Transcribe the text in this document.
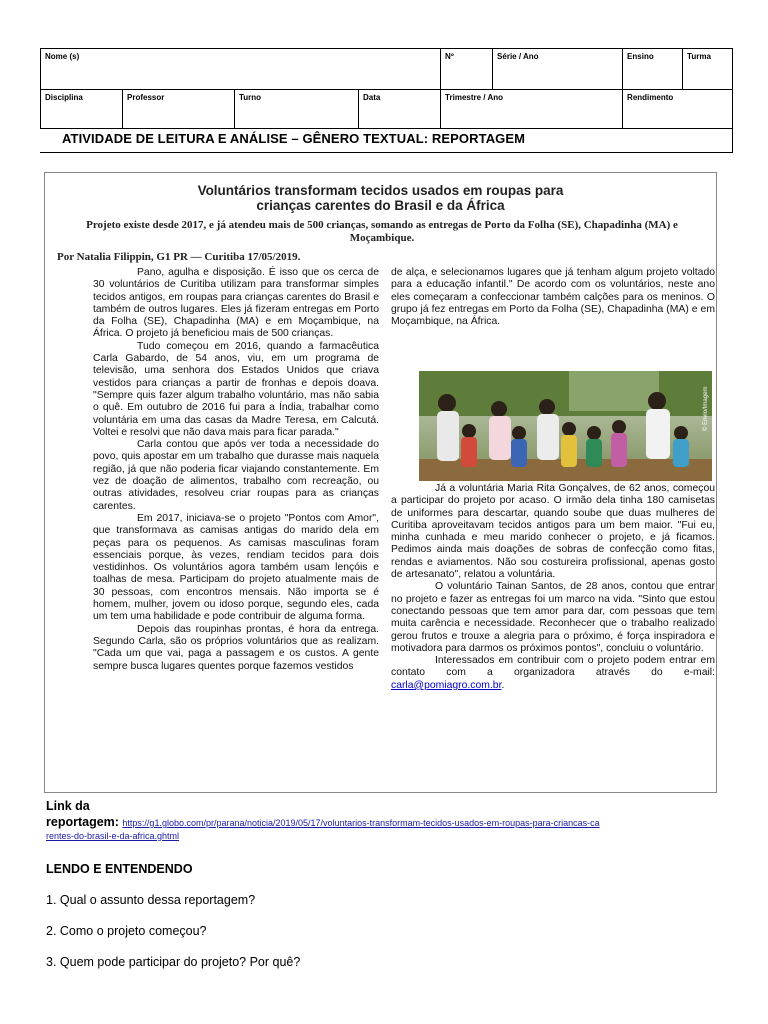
Nome (s)				Nº	Série / Ano	Ensino	Turma
Disciplina	Professor	Turno	Data	Trimestre / Ano		Rendimento	
ATIVIDADE DE LEITURA E ANÁLISE – GÊNERO TEXTUAL: REPORTAGEM
Voluntários transformam tecidos usados em roupas para
crianças carentes do Brasil e da África
Projeto existe desde 2017, e já atendeu mais de 500 crianças, somando as entregas de Porto da Folha (SE), Chapadinha (MA) e Moçambique.
Por Natalia Filippin, G1 PR — Curitiba 17/05/2019.

Pano, agulha e disposição. É isso que os cerca de 30 voluntários de Curitiba utilizam para transformar simples tecidos antigos, em roupas para crianças carentes do Brasil e também de outros lugares. Eles já fizeram entregas em Porto da Folha (SE), Chapadinha (MA) e em Moçambique, na África. O projeto já beneficiou mais de 500 crianças.

Tudo começou em 2016, quando a farmacêutica Carla Gabardo, de 54 anos, viu, em um programa de televisão, uma senhora dos Estados Unidos que criava vestidos para crianças a partir de fronhas e depois doava. "Sempre quis fazer algum trabalho voluntário, mas não sabia o quê. Em outubro de 2016 fui para a Índia, trabalhar como voluntária em uma das casas da Madre Teresa, em Calcutá. Voltei e resolvi que não dava mais para ficar parada."

Carla contou que após ver toda a necessidade do povo, quis apostar em um trabalho que durasse mais naquela região, já que não poderia ficar viajando constantemente. Em vez de doação de alimentos, trabalho com recreação, ou outras atividades, resolveu criar roupas para as crianças carentes.

Em 2017, iniciava-se o projeto "Pontos com Amor", que transformava as camisas antigas do marido dela em peças para os pequenos. As camisas masculinas foram essenciais porque, às vezes, rendiam tecidos para dois vestidinhos. Os voluntários agora também usam lençóis e toalhas de mesa. Participam do projeto atualmente mais de 30 pessoas, com encontros mensais. Não importa se é homem, mulher, jovem ou idoso porque, segundo eles, cada um tem uma habilidade e pode contribuir de alguma forma.

Depois das roupinhas prontas, é hora da entrega. Segundo Carla, são os próprios voluntários que as realizam. "Cada um que vai, paga a passagem e os custos. A gente sempre busca lugares quentes porque fazemos vestidos

de alça, e selecionamos lugares que já tenham algum projeto voltado para a educação infantil." De acordo com os voluntários, neste ano eles começaram a confeccionar também calções para os meninos. O grupo já fez entregas em Porto da Folha (SE), Chapadinha (MA) e em Moçambique, na África.

© Envio/Imagem

Já a voluntária Maria Rita Gonçalves, de 62 anos, começou a participar do projeto por acaso. O irmão dela tinha 180 camisetas de uniformes para descartar, quando soube que duas mulheres de Curitiba aproveitavam tecidos antigos para um bem maior. "Fui eu, minha cunhada e meu marido conhecer o projeto, e já ficamos. Pedimos ainda mais doações de sobras de confecção como fitas, rendas e aviamentos. Não sou costureira profissional, apenas gosto de artesanato", relatou a voluntária.

O voluntário Tainan Santos, de 28 anos, contou que entrar no projeto e fazer as entregas foi um marco na vida. "Sinto que estou conectando pessoas que tem amor para dar, com pessoas que tem muita carência e necessidade. Reconhecer que o trabalho realizado gerou frutos e trouxe a alegria para o próximo, é força inspiradora e motivadora para darmos os próximos pontos", concluiu o voluntário.

Interessados em contribuir com o projeto podem entrar em contato com a organizadora através do e-mail: carla@pomiagro.com.br.

Link da
reportagem: https://g1.globo.com/pr/parana/noticia/2019/05/17/voluntarios-transformam-tecidos-usados-em-roupas-para-criancas-ca
rentes-do-brasil-e-da-africa.ghtml
LENDO E ENTENDENDO
1. Qual o assunto dessa reportagem?
2. Como o projeto começou?
3. Quem pode participar do projeto? Por quê?
